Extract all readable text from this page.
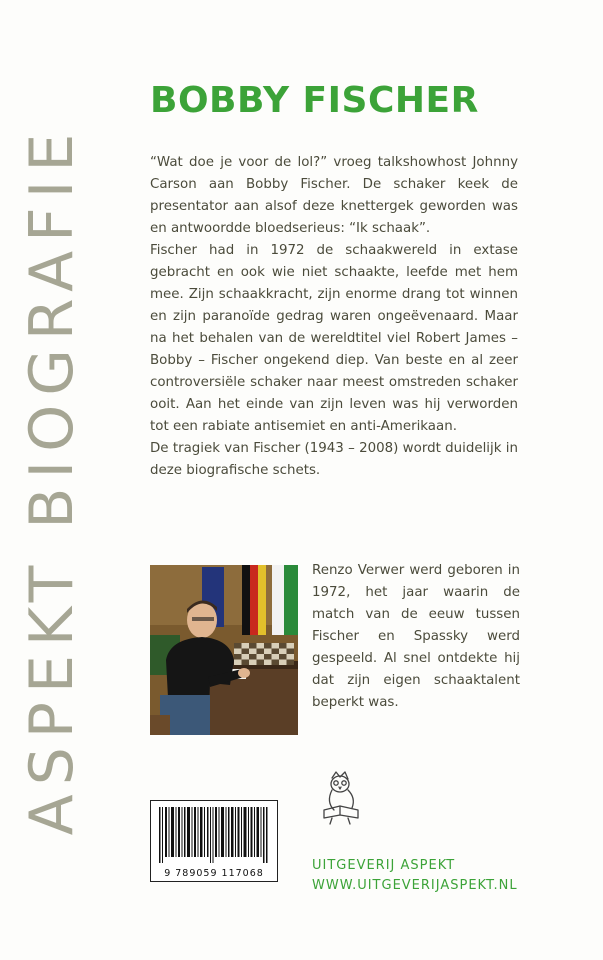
ASPEKT BIOGRAFIE
BOBBY FISCHER

“Wat doe je voor de lol?” vroeg talkshowhost Johnny Carson aan Bobby Fischer. De schaker keek de presentator aan alsof deze knettergek geworden was en antwoordde bloedserieus: “Ik schaak”.

Fischer had in 1972 de schaakwereld in extase gebracht en ook wie niet schaakte, leefde met hem mee. Zijn schaakkracht, zijn enorme drang tot winnen en zijn paranoïde gedrag waren ongeëvenaard. Maar na het behalen van de wereldtitel viel Robert James – Bobby – Fischer ongekend diep. Van beste en al zeer controversiële schaker naar meest omstreden schaker ooit. Aan het einde van zijn leven was hij verworden tot een rabiate antisemiet en anti-Amerikaan.

De tragiek van Fischer (1943 – 2008) wordt duidelijk in deze biografische schets.

Renzo Verwer werd geboren in 1972, het jaar waarin de match van de eeuw tussen Fischer en Spassky werd gespeeld. Al snel ontdekte hij dat zijn eigen schaaktalent beperkt was.
9 789059 117068
UITGEVERIJ ASPEKT
WWW.UITGEVERIJASPEKT.NL
